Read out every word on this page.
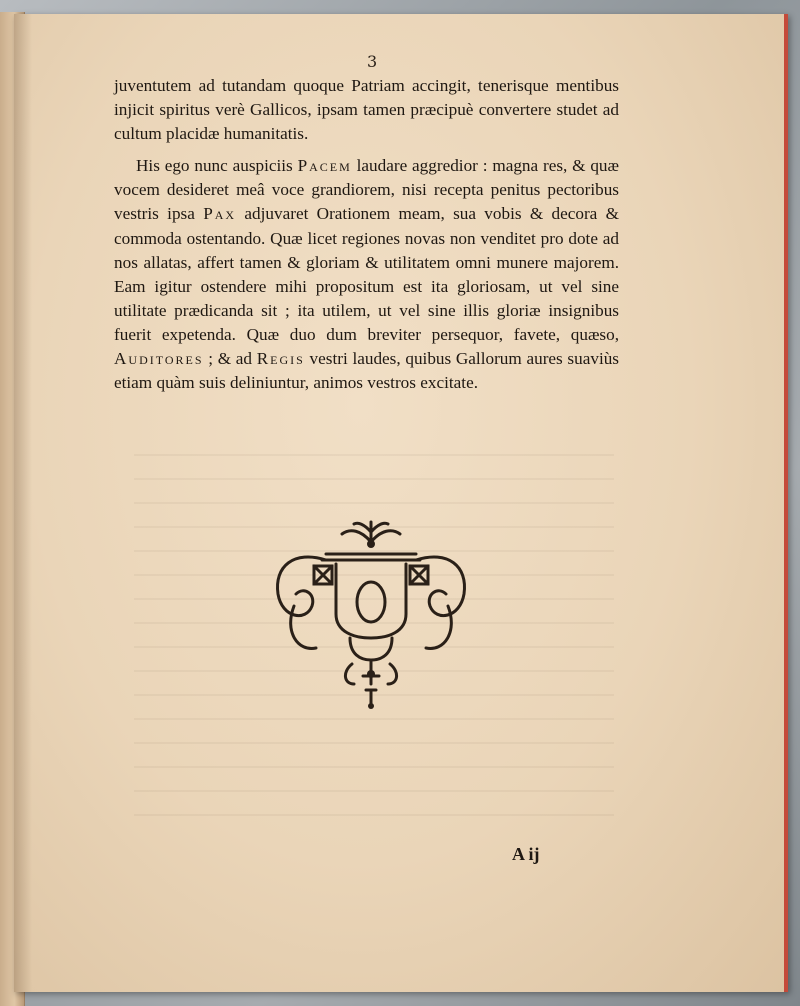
3

juventutem ad tutandam quoque Patriam accingit, tenerisque mentibus injicit spiritus verè Gallicos, ipsam tamen præcipuè convertere studet ad cultum placidæ humanitatis.

His ego nunc auspiciis Pacem laudare aggredior : magna res, & quæ vocem desideret meâ voce grandiorem, nisi recepta penitus pectoribus vestris ipsa Pax adjuvaret Orationem meam, sua vobis & decora & commoda ostentando. Quæ licet regiones novas non venditet pro dote ad nos allatas, affert tamen & gloriam & utilitatem omni munere majorem. Eam igitur ostendere mihi propositum est ita gloriosam, ut vel sine utilitate prædicanda sit ; ita utilem, ut vel sine illis gloriæ insignibus fuerit expetenda. Quæ duo dum breviter persequor, favete, quæso, Auditores ; & ad Regis vestri laudes, quibus Gallorum aures suaviùs etiam quàm suis deliniuntur, animos vestros excitate.

A ij
